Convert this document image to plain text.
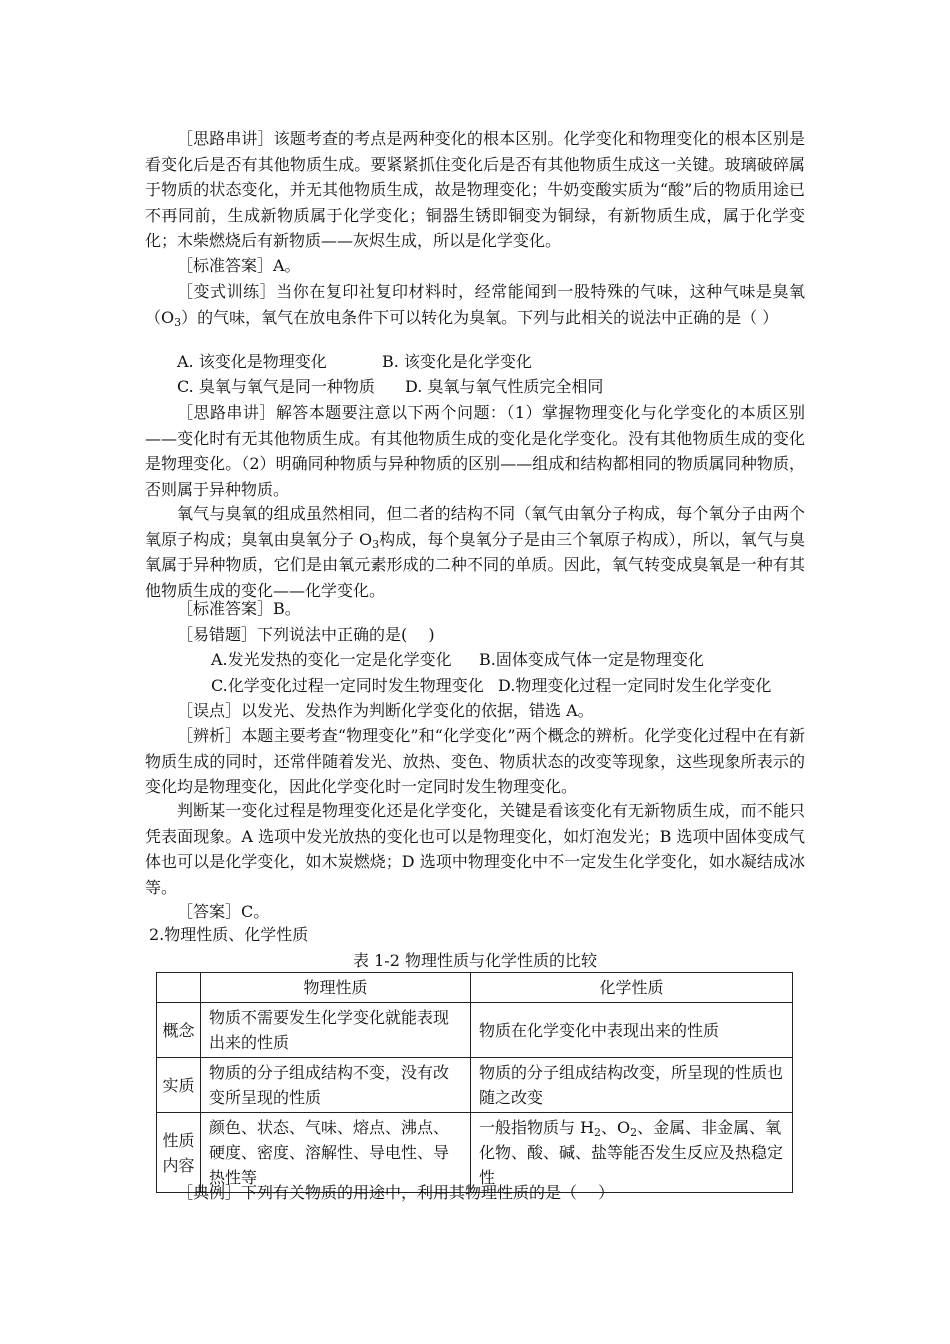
［思路串讲］该题考查的考点是两种变化的根本区别。化学变化和物理变化的根本区别是看变化后是否有其他物质生成。要紧紧抓住变化后是否有其他物质生成这一关键。玻璃破碎属于物质的状态变化，并无其他物质生成，故是物理变化；牛奶变酸实质为“酸”后的物质用途已不再同前，生成新物质属于化学变化；铜器生锈即铜变为铜绿，有新物质生成，属于化学变化；木柴燃烧后有新物质——灰烬生成，所以是化学变化。

［标准答案］A。

［变式训练］当你在复印社复印材料时，经常能闻到一股特殊的气味，这种气味是臭氧$(O_3)$的气味，氧气在放电条件下可以转化为臭氧。下列与此相关的说法中正确的是（ ）

A. 该变化是物理变化	B. 该变化是化学变化
C. 臭氧与氧气是同一种物质 D. 臭氧与氧气性质完全相同

［思路串讲］解答本题要注意以下两个问题：（1）掌握物理变化与化学变化的本质区别——变化时有无其他物质生成。有其他物质生成的变化是化学变化。没有其他物质生成的变化是物理变化。（2）明确同种物质与异种物质的区别——组成和结构都相同的物质属同种物质，否则属于异种物质。

氧气与臭氧的组成虽然相同，但二者的结构不同（氧气由氧分子构成，每个氧分子由两个氧原子构成；臭氧由臭氧分子 $O_3$构成，每个臭氧分子是由三个氧原子构成），所以，氧气与臭氧属于异种物质，它们是由氧元素形成的二种不同的单质。因此，氧气转变成臭氧是一种有其他物质生成的变化——化学变化。

［标准答案］B。

［易错题］下列说法中正确的是(　 )

A.发光发热的变化一定是化学变化 B.固体变成气体一定是物理变化
C.化学变化过程一定同时发生物理变化 D.物理变化过程一定同时发生化学变化

［误点］以发光、发热作为判断化学变化的依据，错选 A。

［辨析］本题主要考查“物理变化”和“化学变化”两个概念的辨析。化学变化过程中在有新物质生成的同时，还常伴随着发光、放热、变色、物质状态的改变等现象，这些现象所表示的变化均是物理变化，因此化学变化时一定同时发生物理变化。

判断某一变化过程是物理变化还是化学变化，关键是看该变化有无新物质生成，而不能只凭表面现象。A 选项中发光放热的变化也可以是物理变化，如灯泡发光；B 选项中固体变成气体也可以是化学变化，如木炭燃烧；D 选项中物理变化中不一定发生化学变化，如水凝结成冰等。

［答案］C。

2.物理性质、化学性质

表 1-2 物理性质与化学性质的比较
	物理性质	化学性质
概念	物质不需要发生化学变化就能表现出来的性质	物质在化学变化中表现出来的性质
实质	物质的分子组成结构不变，没有改变所呈现的性质	物质的分子组成结构改变，所呈现的性质也随之改变
性质内容	颜色、状态、气味、熔点、沸点、硬度、密度、溶解性、导电性、导热性等	一般指物质与 $H_2$、$O_2$、金属、非金属、氧化物、酸、碱、盐等能否发生反应及热稳定性

［典例］下列有关物质的用途中，利用其物理性质的是（　 ）
